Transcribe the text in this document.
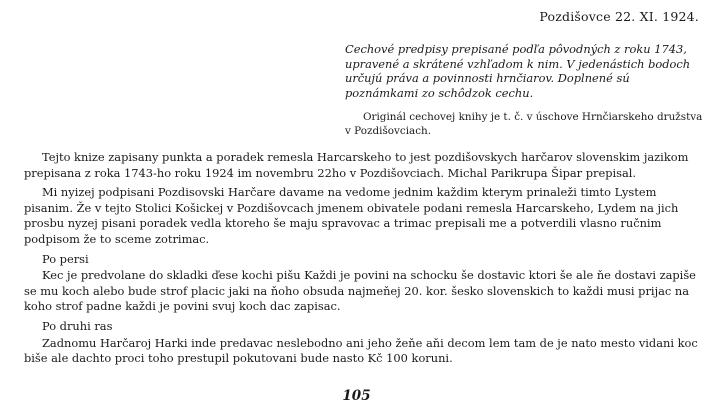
Pozdišovce 22. XI. 1924.
Cechové predpisy prepisané podľa pôvodných z roku 1743, upravené a skrátené vzhľadom k nim. V jedenástich bodoch určujú práva a povinnosti hrnčiarov. Doplnené sú poznámkami zo schôdzok cechu.
Originál cechovej knihy je t. č. v úschove Hrnčiarskeho družstva v Pozdišovciach.

Tejto knize zapisany punkta a poradek remesla Harcarskeho to jest pozdišovskych harčarov slovenskim jazikom prepisana z roka 1743-ho roku 1924 im novembru 22ho v Pozdišovciach. Michal Parikrupa Šipar prepisal.

Mi nyizej podpisani Pozdisovski Harčare davame na vedome jednim každim kterym prinaleži timto Lystem pisanim. Že v tejto Stolici Košickej v Pozdišovcach jmenem obivatele podani remesla Harcarskeho, Lydem na jich prosbu nyzej pisani poradek vedla ktoreho še maju spravovac a trimac prepisali me a potverdili vlasno ručnim podpisom že to sceme zotrimac.

Po persi

Kec je predvolane do skladki ďese kochi pišu Každi je povini na schocku še dostavic ktori še ale ňe dostavi zapiše se mu koch alebo bude strof placic jaki na ňoho obsuda najmeňej 20. kor. šesko slovenskich to každi musi prijac na koho strof padne každi je povini svuj koch dac zapisac.

Po druhi ras

Zadnomu Harčaroj Harki inde predavac neslebodno ani jeho žeňe aňi decom lem tam de je nato mesto vidani koc biše ale dachto proci toho prestupil pokutovani bude nasto Kč 100 koruni.

105
